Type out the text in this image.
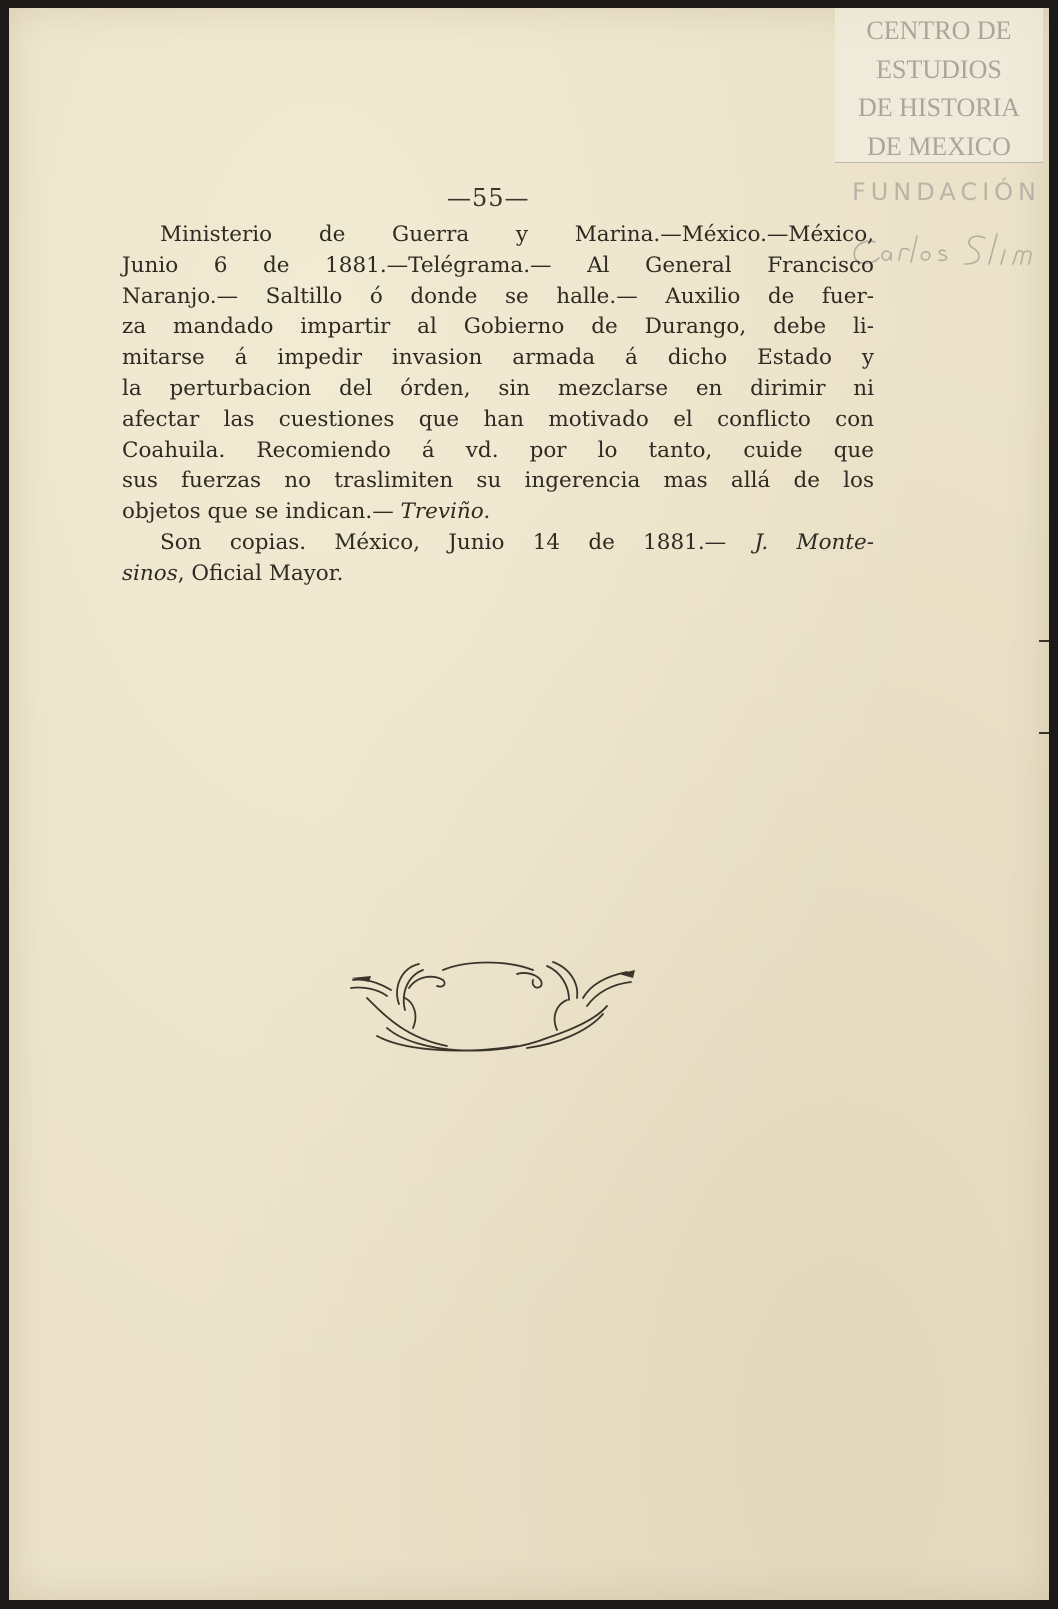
CENTRO DE
ESTUDIOS
DE HISTORIA
DE MEXICO
FUNDACIÓN
—55—
Ministerio de Guerra y Marina.—México.—México,
Junio 6 de 1881.—Telégrama.— Al General Francisco
Naranjo.— Saltillo ó donde se halle.— Auxilio de fuer-
za mandado impartir al Gobierno de Durango, debe li-
mitarse á impedir invasion armada á dicho Estado y
la perturbacion del órden, sin mezclarse en dirimir ni
afectar las cuestiones que han motivado el conflicto con
Coahuila. Recomiendo á vd. por lo tanto, cuide que
sus fuerzas no traslimiten su ingerencia mas allá de los
objetos que se indican.— Treviño.
Son copias. México, Junio 14 de 1881.— J. Monte-
sinos, Oficial Mayor.
